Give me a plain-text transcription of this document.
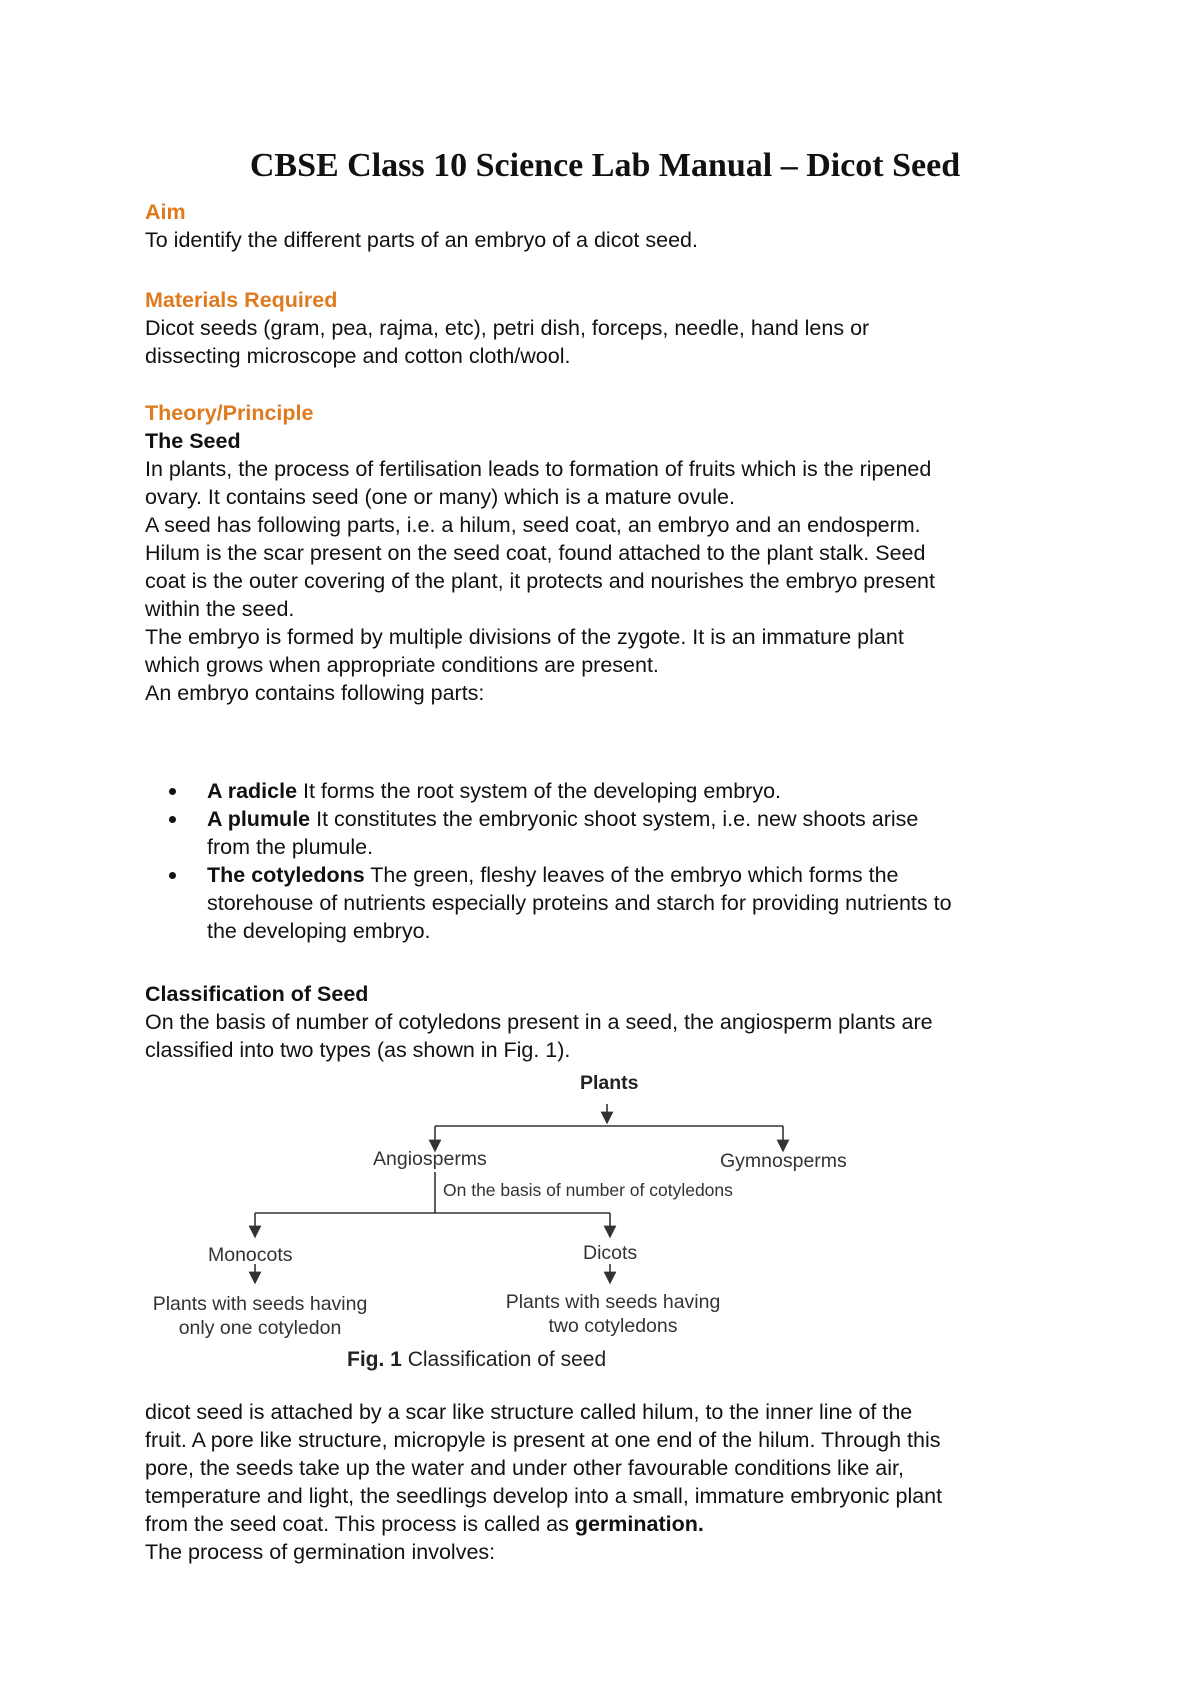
CBSE Class 10 Science Lab Manual – Dicot Seed
Aim
To identify the different parts of an embryo of a dicot seed.
Materials Required
Dicot seeds (gram, pea, rajma, etc), petri dish, forceps, needle, hand lens or
dissecting microscope and cotton cloth/wool.
Theory/Principle
The Seed
In plants, the process of fertilisation leads to formation of fruits which is the ripened
ovary. It contains seed (one or many) which is a mature ovule.
A seed has following parts, i.e. a hilum, seed coat, an embryo and an endosperm.
Hilum is the scar present on the seed coat, found attached to the plant stalk. Seed
coat is the outer covering of the plant, it protects and nourishes the embryo present
within the seed.
The embryo is formed by multiple divisions of the zygote. It is an immature plant
which grows when appropriate conditions are present.
An embryo contains following parts:
A radicle It forms the root system of the developing embryo.
A plumule It constitutes the embryonic shoot system, i.e. new shoots arise
from the plumule.
The cotyledons The green, fleshy leaves of the embryo which forms the
storehouse of nutrients especially proteins and starch for providing nutrients to
the developing embryo.
Classification of Seed
On the basis of number of cotyledons present in a seed, the angiosperm plants are
classified into two types (as shown in Fig. 1).
Plants
Angiosperms	Gymnosperms
On the basis of number of cotyledons
Monocots	Dicots
Plants with seeds having
only one cotyledon
Plants with seeds having
two cotyledons
Fig. 1 Classification of seed
dicot seed is attached by a scar like structure called hilum, to the inner line of the
fruit. A pore like structure, micropyle is present at one end of the hilum. Through this
pore, the seeds take up the water and under other favourable conditions like air,
temperature and light, the seedlings develop into a small, immature embryonic plant
from the seed coat. This process is called as germination.
The process of germination involves:
